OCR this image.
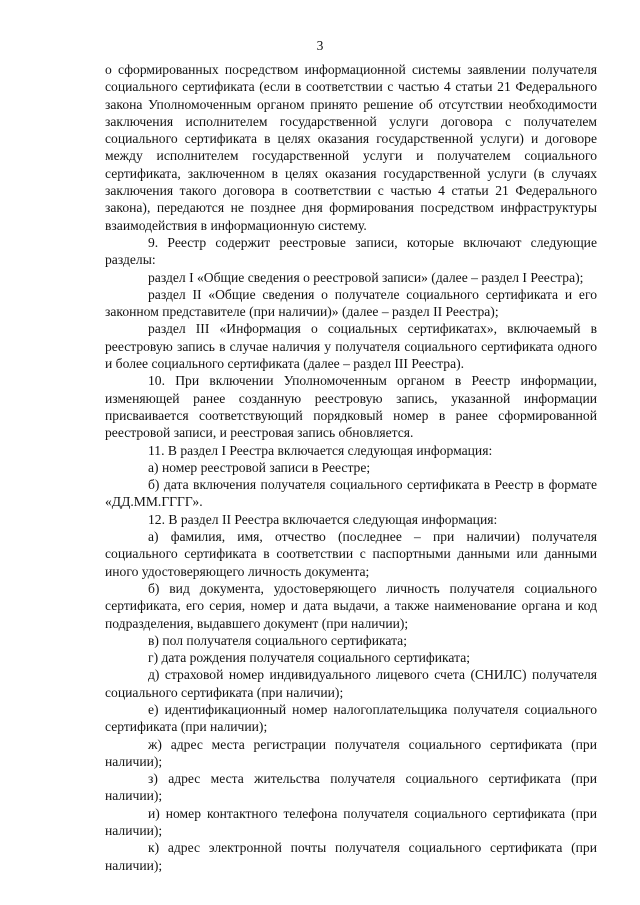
3

о сформированных посредством информационной системы заявлении получателя социального сертификата (если в соответствии с частью 4 статьи 21 Федерального закона Уполномоченным органом принято решение об отсутствии необходимости заключения исполнителем государственной услуги договора с получателем социального сертификата в целях оказания государственной услуги) и договоре между исполнителем государственной услуги и получателем социального сертификата, заключенном в целях оказания государственной услуги (в случаях заключения такого договора в соответствии с частью 4 статьи 21 Федерального закона), передаются не позднее дня формирования посредством инфраструктуры взаимодействия в информационную систему.

9. Реестр содержит реестровые записи, которые включают следующие разделы:

раздел I «Общие сведения о реестровой записи» (далее – раздел I Реестра);

раздел II «Общие сведения о получателе социального сертификата и его законном представителе (при наличии)» (далее – раздел II Реестра);

раздел III «Информация о социальных сертификатах», включаемый в реестровую запись в случае наличия у получателя социального сертификата одного и более социального сертификата (далее – раздел III Реестра).

10. При включении Уполномоченным органом в Реестр информации, изменяющей ранее созданную реестровую запись, указанной информации присваивается соответствующий порядковый номер в ранее сформированной реестровой записи, и реестровая запись обновляется.

11. В раздел I Реестра включается следующая информация:

а) номер реестровой записи в Реестре;

б) дата включения получателя социального сертификата в Реестр в формате «ДД.ММ.ГГГГ».

12. В раздел II Реестра включается следующая информация:

а) фамилия, имя, отчество (последнее – при наличии) получателя социального сертификата в соответствии с паспортными данными или данными иного удостоверяющего личность документа;

б) вид документа, удостоверяющего личность получателя социального сертификата, его серия, номер и дата выдачи, а также наименование органа и код подразделения, выдавшего документ (при наличии);

в) пол получателя социального сертификата;

г) дата рождения получателя социального сертификата;

д) страховой номер индивидуального лицевого счета (СНИЛС) получателя социального сертификата (при наличии);

е) идентификационный номер налогоплательщика получателя социального сертификата (при наличии);

ж) адрес места регистрации получателя социального сертификата (при наличии);

з) адрес места жительства получателя социального сертификата (при наличии);

и) номер контактного телефона получателя социального сертификата (при наличии);

к) адрес электронной почты получателя социального сертификата (при наличии);
